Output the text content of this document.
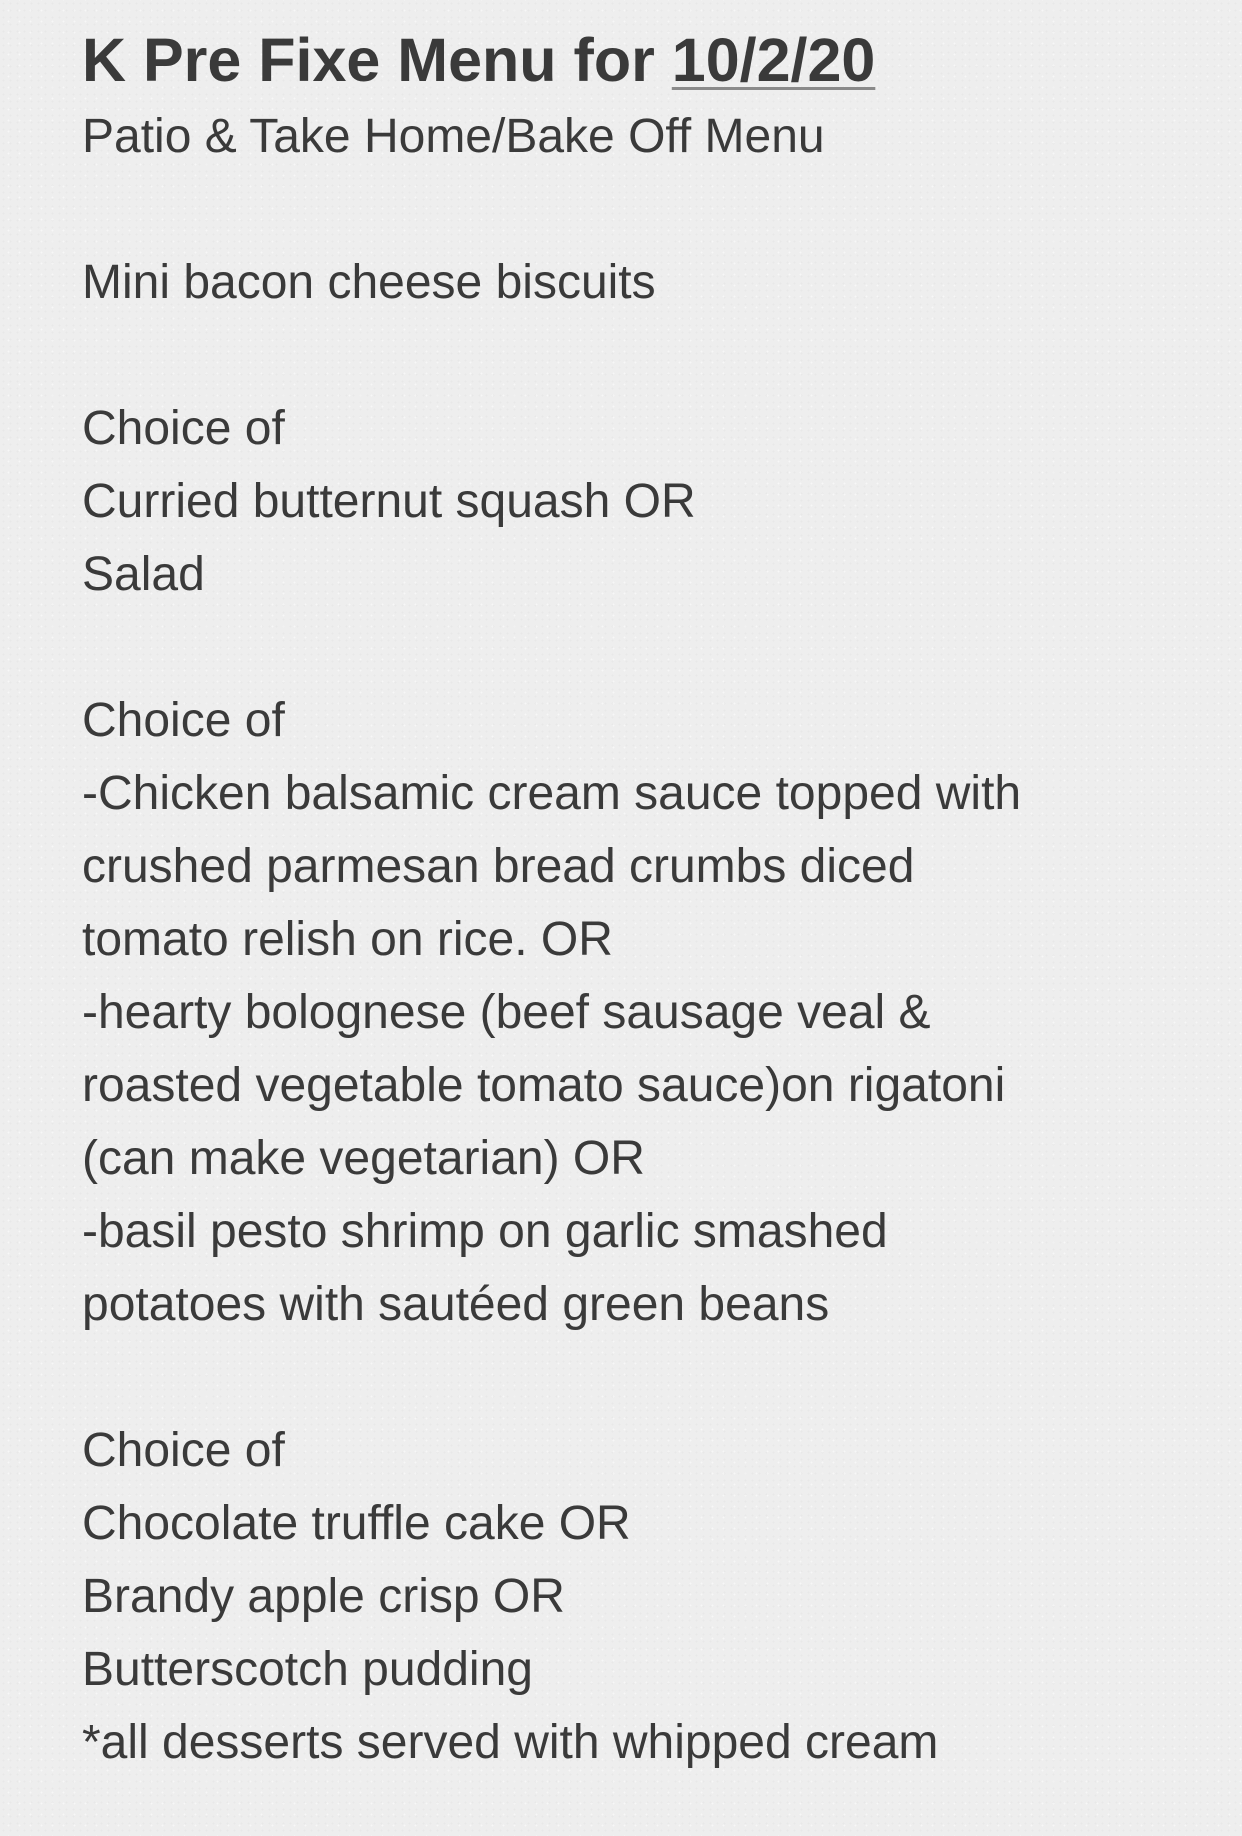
K Pre Fixe Menu for 10/2/20

Patio & Take Home/Bake Off Menu

Mini bacon cheese biscuits

Choice of

Curried butternut squash OR

Salad

Choice of

-Chicken balsamic cream sauce topped with

crushed parmesan bread crumbs diced

tomato relish on rice. OR

-hearty bolognese (beef sausage veal &

roasted vegetable tomato sauce)on rigatoni

(can make vegetarian) OR

-basil pesto shrimp on garlic smashed

potatoes with sautéed green beans

Choice of

Chocolate truffle cake OR

Brandy apple crisp OR

Butterscotch pudding

*all desserts served with whipped cream
